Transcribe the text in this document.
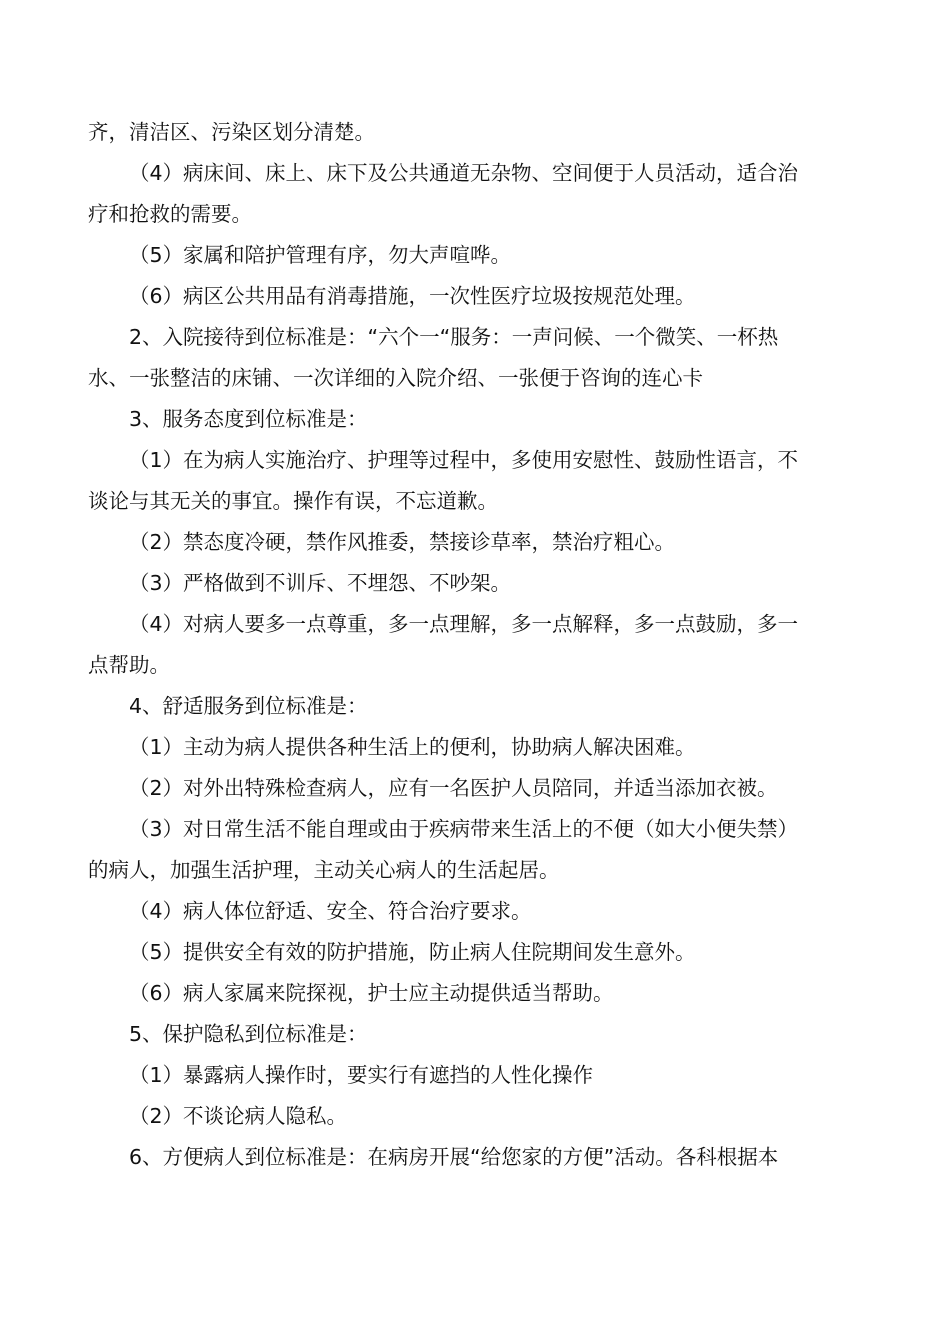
齐，清洁区、污染区划分清楚。
（4）病床间、床上、床下及公共通道无杂物、空间便于人员活动，适合治
疗和抢救的需要。
（5）家属和陪护管理有序，勿大声喧哗。
（6）病区公共用品有消毒措施，一次性医疗垃圾按规范处理。
2、入院接待到位标准是：“六个一“服务：一声问候、一个微笑、一杯热
水、一张整洁的床铺、一次详细的入院介绍、一张便于咨询的连心卡
3、服务态度到位标准是：
（1）在为病人实施治疗、护理等过程中，多使用安慰性、鼓励性语言，不
谈论与其无关的事宜。操作有误，不忘道歉。
（2）禁态度冷硬，禁作风推委，禁接诊草率，禁治疗粗心。
（3）严格做到不训斥、不埋怨、不吵架。
（4）对病人要多一点尊重，多一点理解，多一点解释，多一点鼓励，多一
点帮助。
4、舒适服务到位标准是：
（1）主动为病人提供各种生活上的便利，协助病人解决困难。
（2）对外出特殊检查病人，应有一名医护人员陪同，并适当添加衣被。
（3）对日常生活不能自理或由于疾病带来生活上的不便（如大小便失禁）
的病人，加强生活护理，主动关心病人的生活起居。
（4）病人体位舒适、安全、符合治疗要求。
（5）提供安全有效的防护措施，防止病人住院期间发生意外。
（6）病人家属来院探视，护士应主动提供适当帮助。
5、保护隐私到位标准是：
（1）暴露病人操作时，要实行有遮挡的人性化操作
（2）不谈论病人隐私。
6、方便病人到位标准是：在病房开展“给您家的方便”活动。各科根据本
